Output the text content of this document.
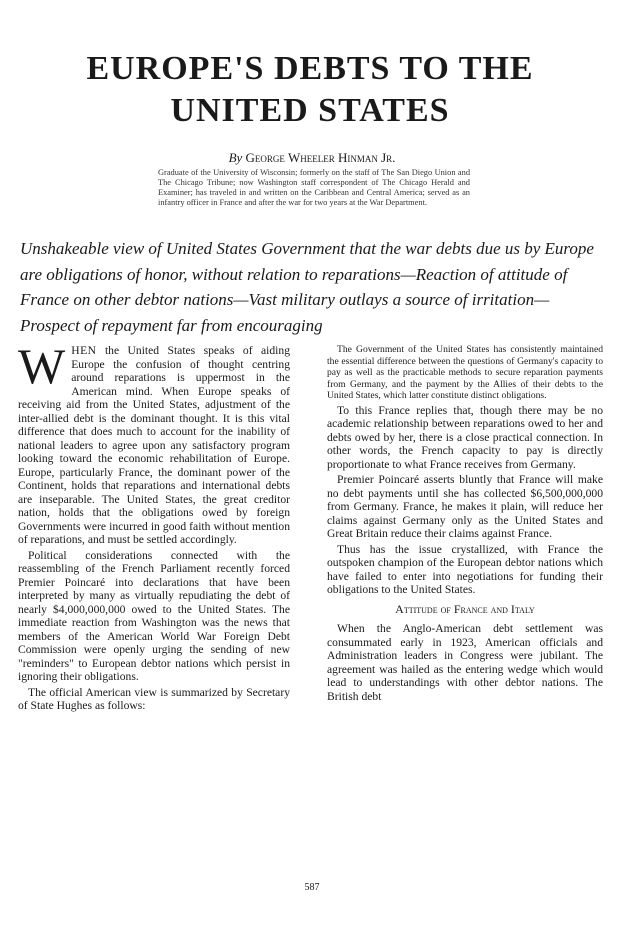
EUROPE'S DEBTS TO THE
UNITED STATES

By George Wheeler Hinman Jr.

Graduate of the University of Wisconsin; formerly on the staff of The San Diego Union and The Chicago Tribune; now Washington staff correspondent of The Chicago Herald and Examiner; has traveled in and written on the Caribbean and Central America; served as an infantry officer in France and after the war for two years at the War Department.

Unshakeable view of United States Government that the war debts due us by Europe are obligations of honor, without relation to reparations—Reaction of attitude of France on other debtor nations—Vast military outlays a source of irritation—Prospect of repayment far from encouraging

WHEN the United States speaks of aiding Europe the confusion of thought centring around reparations is uppermost in the American mind. When Europe speaks of receiving aid from the United States, adjustment of the inter-allied debt is the dominant thought. It is this vital difference that does much to account for the inability of national leaders to agree upon any satisfactory program looking toward the economic rehabilitation of Europe. Europe, particularly France, the dominant power of the Continent, holds that reparations and international debts are inseparable. The United States, the great creditor nation, holds that the obligations owed by foreign Governments were incurred in good faith without mention of reparations, and must be settled accordingly.

Political considerations connected with the reassembling of the French Parliament recently forced Premier Poincaré into declarations that have been interpreted by many as virtually repudiating the debt of nearly $4,000,000,000 owed to the United States. The immediate reaction from Washington was the news that members of the American World War Foreign Debt Commission were openly urging the sending of new "reminders" to European debtor nations which persist in ignoring their obligations.

The official American view is summarized by Secretary of State Hughes as follows:

The Government of the United States has consistently maintained the essential difference between the questions of Germany's capacity to pay as well as the practicable methods to secure reparation payments from Germany, and the payment by the Allies of their debts to the United States, which latter constitute distinct obligations.

To this France replies that, though there may be no academic relationship between reparations owed to her and debts owed by her, there is a close practical connection. In other words, the French capacity to pay is directly proportionate to what France receives from Germany.

Premier Poincaré asserts bluntly that France will make no debt payments until she has collected $6,500,000,000 from Germany. France, he makes it plain, will reduce her claims against Germany only as the United States and Great Britain reduce their claims against France.

Thus has the issue crystallized, with France the outspoken champion of the European debtor nations which have failed to enter into negotiations for funding their obligations to the United States.

Attitude of France and Italy

When the Anglo-American debt settlement was consummated early in 1923, American officials and Administration leaders in Congress were jubilant. The agreement was hailed as the entering wedge which would lead to understandings with other debtor nations. The British debt

587
